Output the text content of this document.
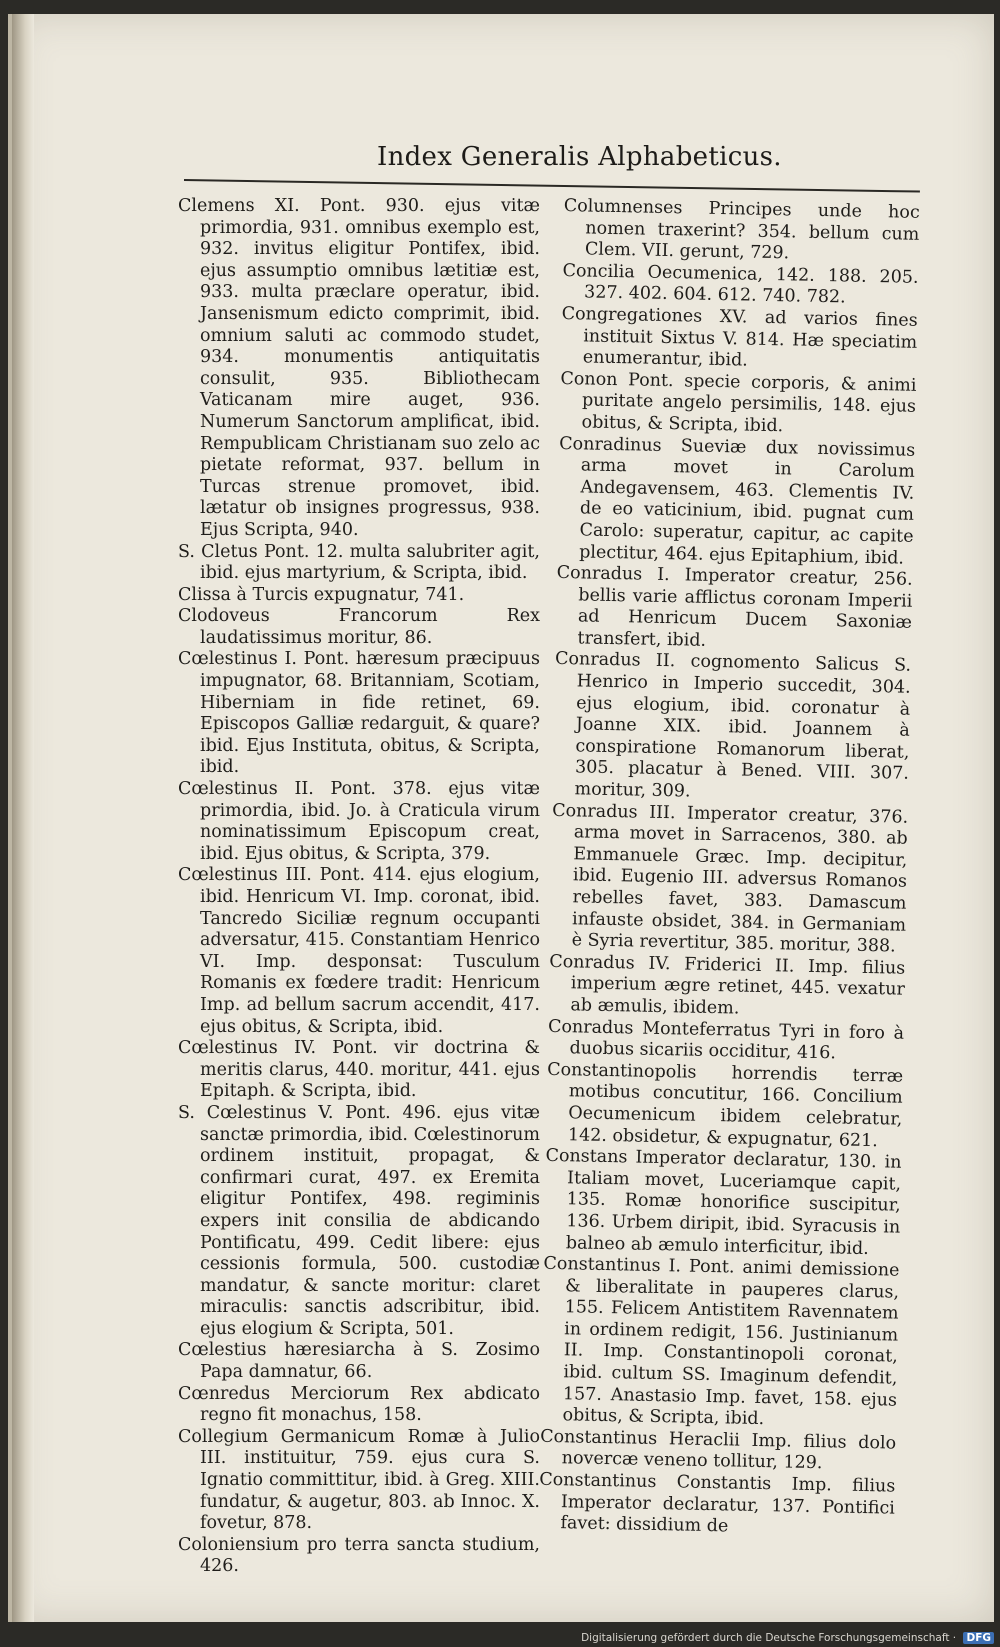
Index Generalis Alphabeticus.

Clemens XI. Pont. 930. ejus vitæ primordia, 931. omnibus exemplo est, 932. invitus eligitur Pontifex, ibid. ejus assumptio omnibus lætitiæ est, 933. multa præclare operatur, ibid. Jansenismum edicto comprimit, ibid. omnium saluti ac commodo studet, 934. monumentis antiquitatis consulit, 935. Bibliothecam Vaticanam mire auget, 936. Numerum Sanctorum amplificat, ibid. Rempublicam Christianam suo zelo ac pietate reformat, 937. bellum in Turcas strenue promovet, ibid. lætatur ob insignes progressus, 938. Ejus Scripta, 940.

S. Cletus Pont. 12. multa salubriter agit, ibid. ejus martyrium, & Scripta, ibid.

Clissa à Turcis expugnatur, 741.

Clodoveus Francorum Rex laudatissimus moritur, 86.

Cœlestinus I. Pont. hæresum præcipuus impugnator, 68. Britanniam, Scotiam, Hiberniam in fide retinet, 69. Episcopos Galliæ redarguit, & quare? ibid. Ejus Instituta, obitus, & Scripta, ibid.

Cœlestinus II. Pont. 378. ejus vitæ primordia, ibid. Jo. à Craticula virum nominatissimum Episcopum creat, ibid. Ejus obitus, & Scripta, 379.

Cœlestinus III. Pont. 414. ejus elogium, ibid. Henricum VI. Imp. coronat, ibid. Tancredo Siciliæ regnum occupanti adversatur, 415. Constantiam Henrico VI. Imp. desponsat: Tusculum Romanis ex fœdere tradit: Henricum Imp. ad bellum sacrum accendit, 417. ejus obitus, & Scripta, ibid.

Cœlestinus IV. Pont. vir doctrina & meritis clarus, 440. moritur, 441. ejus Epitaph. & Scripta, ibid.

S. Cœlestinus V. Pont. 496. ejus vitæ sanctæ primordia, ibid. Cœlestinorum ordinem instituit, propagat, & confirmari curat, 497. ex Eremita eligitur Pontifex, 498. regiminis expers init consilia de abdicando Pontificatu, 499. Cedit libere: ejus cessionis formula, 500. custodiæ mandatur, & sancte moritur: claret miraculis: sanctis adscribitur, ibid. ejus elogium & Scripta, 501.

Cœlestius hæresiarcha à S. Zosimo Papa damnatur, 66.

Cœnredus Merciorum Rex abdicato regno fit monachus, 158.

Collegium Germanicum Romæ à Julio III. instituitur, 759. ejus cura S. Ignatio committitur, ibid. à Greg. XIII. fundatur, & augetur, 803. ab Innoc. X. fovetur, 878.

Coloniensium pro terra sancta studium, 426.

Columnenses Principes unde hoc nomen traxerint? 354. bellum cum Clem. VII. gerunt, 729.

Concilia Oecumenica, 142. 188. 205. 327. 402. 604. 612. 740. 782.

Congregationes XV. ad varios fines instituit Sixtus V. 814. Hæ speciatim enumerantur, ibid.

Conon Pont. specie corporis, & animi puritate angelo persimilis, 148. ejus obitus, & Scripta, ibid.

Conradinus Sueviæ dux novissimus arma movet in Carolum Andegavensem, 463. Clementis IV. de eo vaticinium, ibid. pugnat cum Carolo: superatur, capitur, ac capite plectitur, 464. ejus Epitaphium, ibid.

Conradus I. Imperator creatur, 256. bellis varie afflictus coronam Imperii ad Henricum Ducem Saxoniæ transfert, ibid.

Conradus II. cognomento Salicus S. Henrico in Imperio succedit, 304. ejus elogium, ibid. coronatur à Joanne XIX. ibid. Joannem à conspiratione Romanorum liberat, 305. placatur à Bened. VIII. 307. moritur, 309.

Conradus III. Imperator creatur, 376. arma movet in Sarracenos, 380. ab Emmanuele Græc. Imp. decipitur, ibid. Eugenio III. adversus Romanos rebelles favet, 383. Damascum infauste obsidet, 384. in Germaniam è Syria revertitur, 385. moritur, 388.

Conradus IV. Friderici II. Imp. filius imperium ægre retinet, 445. vexatur ab æmulis, ibidem.

Conradus Monteferratus Tyri in foro à duobus sicariis occiditur, 416.

Constantinopolis horrendis terræ motibus concutitur, 166. Concilium Oecumenicum ibidem celebratur, 142. obsidetur, & expugnatur, 621.

Constans Imperator declaratur, 130. in Italiam movet, Luceriamque capit, 135. Romæ honorifice suscipitur, 136. Urbem diripit, ibid. Syracusis in balneo ab æmulo interficitur, ibid.

Constantinus I. Pont. animi demissione & liberalitate in pauperes clarus, 155. Felicem Antistitem Ravennatem in ordinem redigit, 156. Justinianum II. Imp. Constantinopoli coronat, ibid. cultum SS. Imaginum defendit, 157. Anastasio Imp. favet, 158. ejus obitus, & Scripta, ibid.

Constantinus Heraclii Imp. filius dolo novercæ veneno tollitur, 129.

Constantinus Constantis Imp. filius Imperator declaratur, 137. Pontifici favet: dissidium de

Digitalisierung gefördert durch die Deutsche Forschungsgemeinschaft · DFG
